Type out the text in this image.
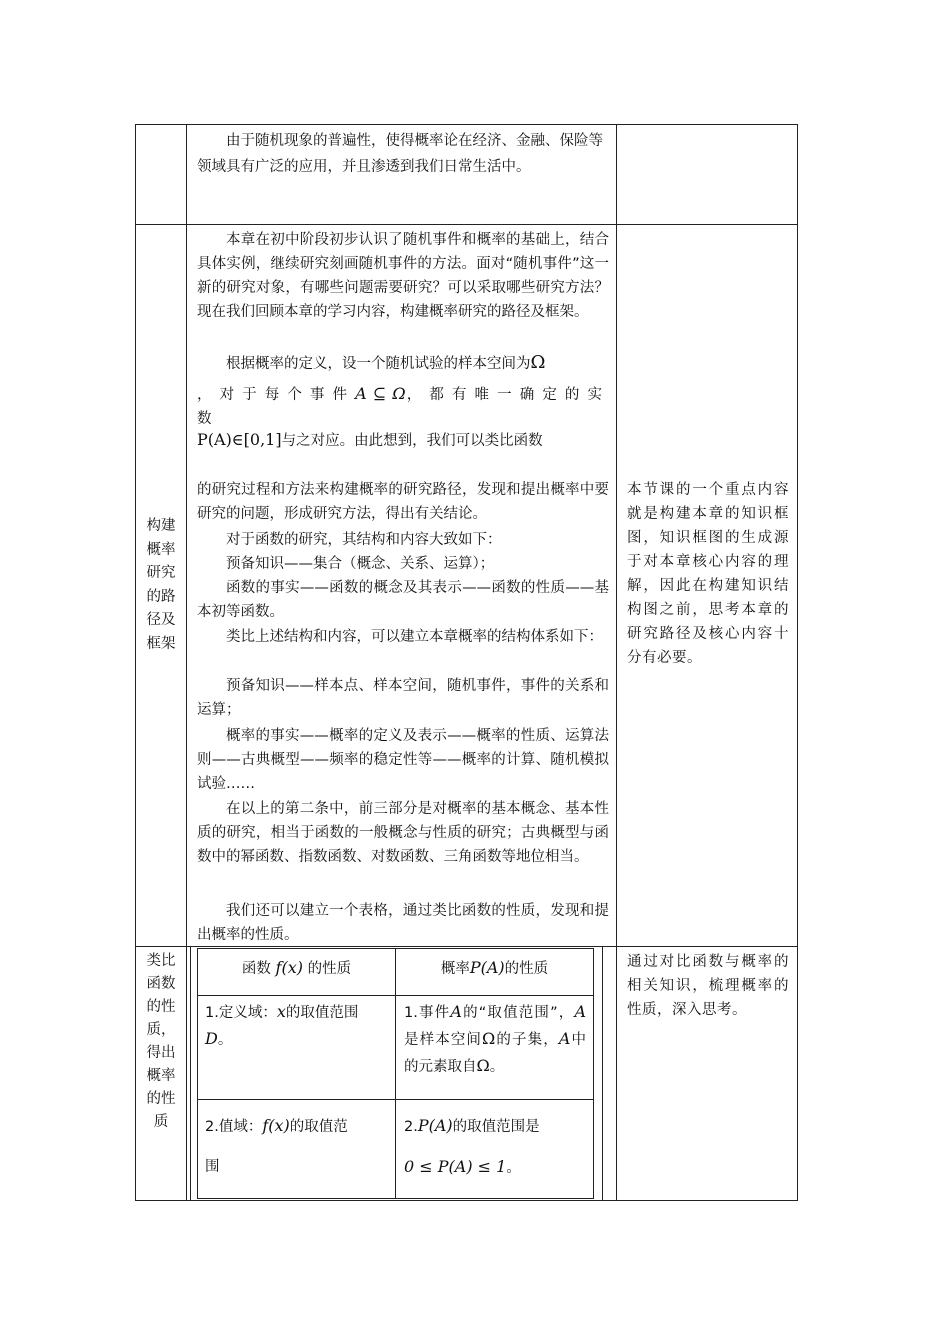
由于随机现象的普遍性，使得概率论在经济、金融、保险等领域具有广泛的应用，并且渗透到我们日常生活中。
构建概率研究的路径及框架
本章在初中阶段初步认识了随机事件和概率的基础上，结合具体实例，继续研究刻画随机事件的方法。面对“随机事件”这一新的研究对象，有哪些问题需要研究？可以采取哪些研究方法？现在我们回顾本章的学习内容，构建概率研究的路径及框架。
根据概率的定义，设一个随机试验的样本空间为Ω
，对于每个事件A ⊆ Ω，都有唯一确定的实数
P(A)∈[0,1]与之对应。由此想到，我们可以类比函数
的研究过程和方法来构建概率的研究路径，发现和提出概率中要研究的问题，形成研究方法，得出有关结论。
对于函数的研究，其结构和内容大致如下：
预备知识——集合（概念、关系、运算）；
函数的事实——函数的概念及其表示——函数的性质——基本初等函数。
类比上述结构和内容，可以建立本章概率的结构体系如下：
预备知识——样本点、样本空间，随机事件，事件的关系和运算；
概率的事实——概率的定义及表示——概率的性质、运算法则——古典概型——频率的稳定性等——概率的计算、随机模拟试验……
在以上的第二条中，前三部分是对概率的基本概念、基本性质的研究，相当于函数的一般概念与性质的研究；古典概型与函数中的幂函数、指数函数、对数函数、三角函数等地位相当。
我们还可以建立一个表格，通过类比函数的性质，发现和提出概率的性质。
本节课的一个重点内容就是构建本章的知识框图，知识框图的生成源于对本章核心内容的理解，因此在构建知识结构图之前，思考本章的研究路径及核心内容十分有必要。
类比函数的性质，得出概率的性质
通过对比函数与概率的相关知识，梳理概率的性质，深入思考。
函数 f(x) 的性质	概率P(A)的性质
1.定义域：x的取值范围
D。
1.事件A的“取值范围”，A是样本空间Ω的子集，A中的元素取自Ω。
2.值域：f(x)的取值范
围
2.P(A)的取值范围是
0 ≤ P(A) ≤ 1。
